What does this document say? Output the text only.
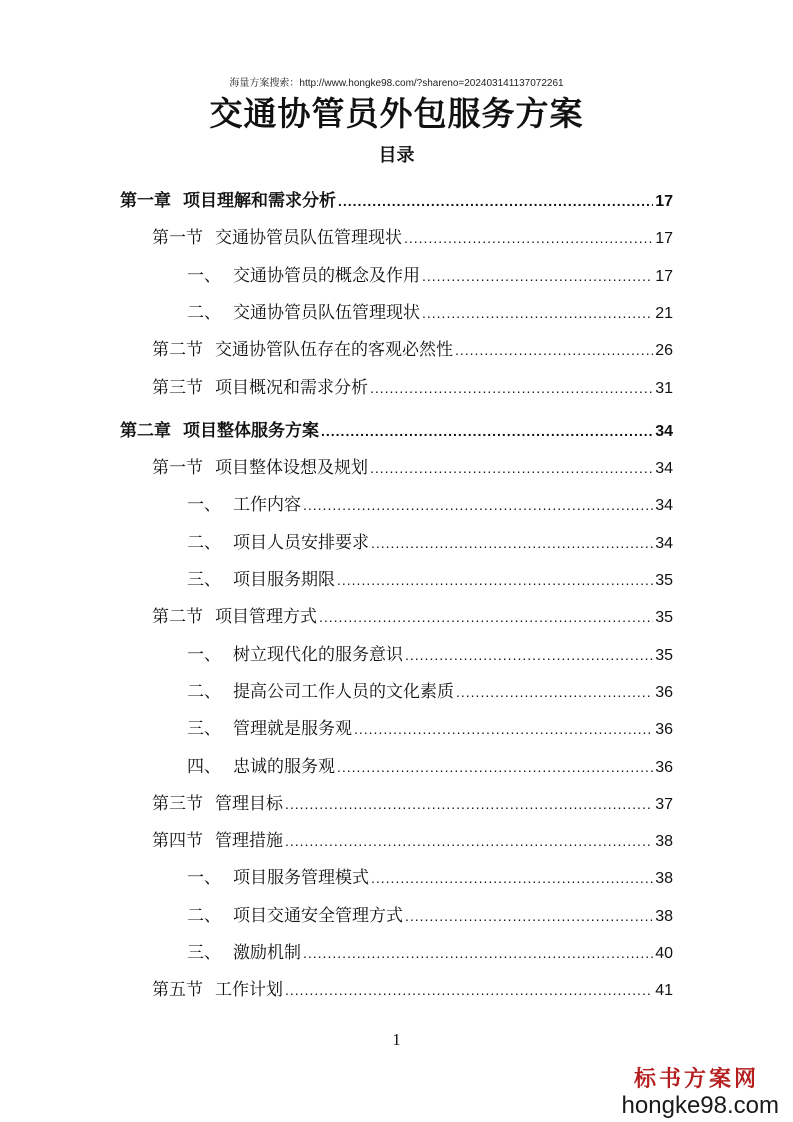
海量方案搜索：http://www.hongke98.com/?shareno=202403141137072261
交通协管员外包服务方案
目录
第一章 项目理解和需求分析 .....	17
第一节 交通协管员队伍管理现状 .....	17
一、 交通协管员的概念及作用 .....	17
二、 交通协管员队伍管理现状 .....	21
第二节 交通协管队伍存在的客观必然性 .....	26
第三节 项目概况和需求分析 .....	31
第二章 项目整体服务方案 .....	34
第一节 项目整体设想及规划 .....	34
一、 工作内容 .....	34
二、 项目人员安排要求 .....	34
三、 项目服务期限 .....	35
第二节 项目管理方式 .....	35
一、 树立现代化的服务意识 .....	35
二、 提高公司工作人员的文化素质 .....	36
三、 管理就是服务观 .....	36
四、 忠诚的服务观 .....	36
第三节 管理目标 .....	37
第四节 管理措施 .....	38
一、 项目服务管理模式 .....	38
二、 项目交通安全管理方式 .....	38
三、 激励机制 .....	40
第五节 工作计划 .....	41
1
标书方案网
hongke98.com
